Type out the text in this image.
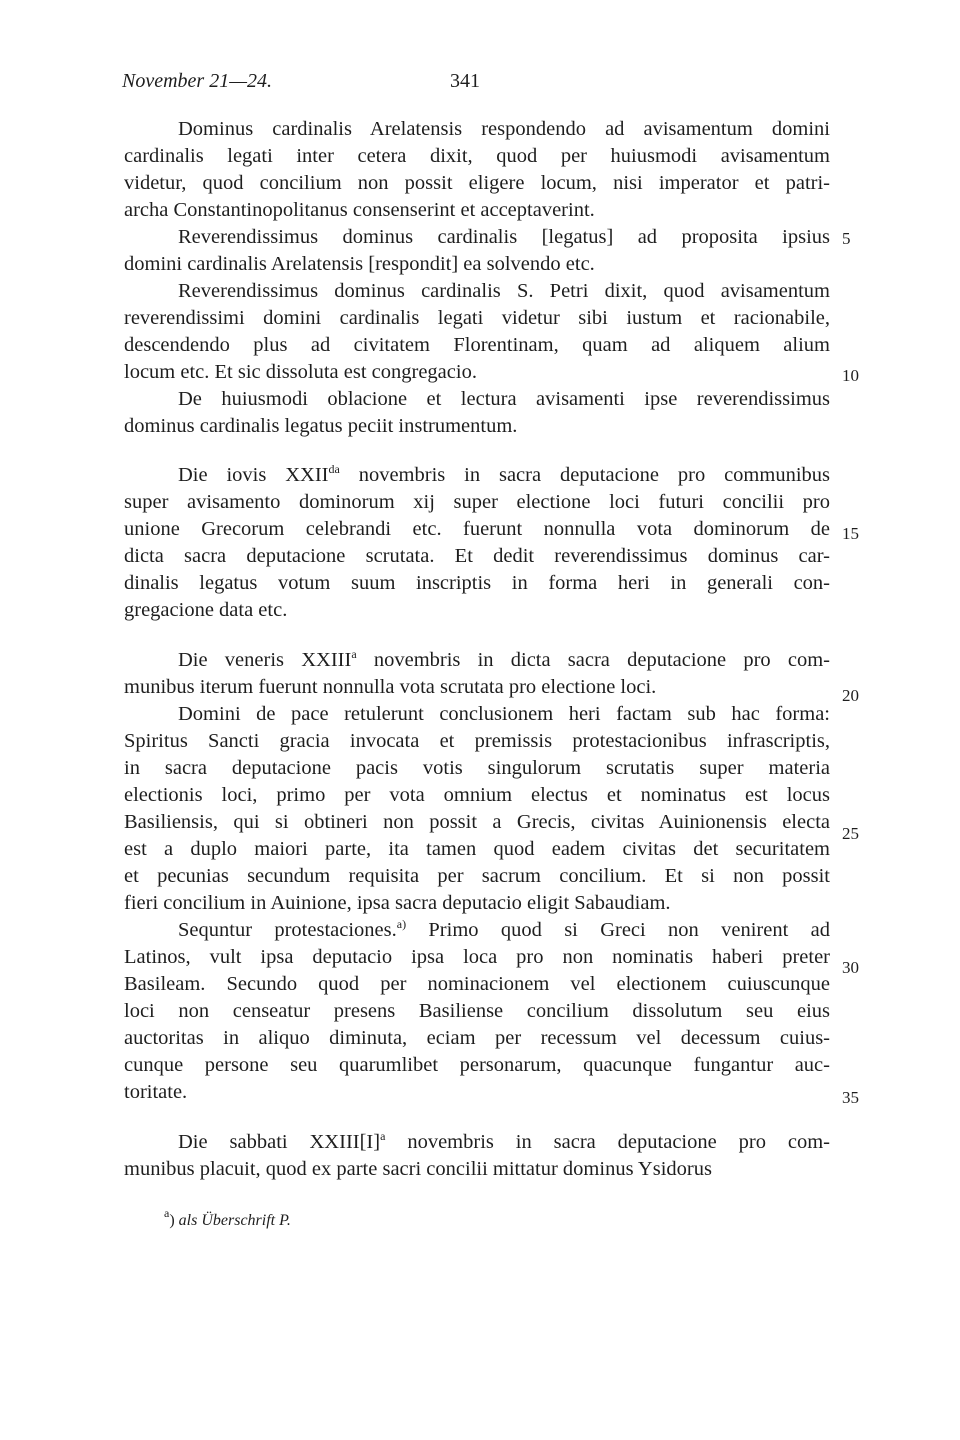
November 21—24.	341
Dominus cardinalis Arelatensis respondendo ad avisamentum domini
cardinalis legati inter cetera dixit, quod per huiusmodi avisamentum
videtur, quod concilium non possit eligere locum, nisi imperator et patri-
archa Constantinopolitanus consenserint et acceptaverint.
Reverendissimus dominus cardinalis [legatus] ad proposita ipsius
domini cardinalis Arelatensis [respondit] ea solvendo etc.
Reverendissimus dominus cardinalis S. Petri dixit, quod avisamentum
reverendissimi domini cardinalis legati videtur sibi iustum et racionabile,
descendendo plus ad civitatem Florentinam, quam ad aliquem alium
locum etc. Et sic dissoluta est congregacio.
De huiusmodi oblacione et lectura avisamenti ipse reverendissimus
dominus cardinalis legatus peciit instrumentum.
Die iovis $XXII^{da}$ novembris in sacra deputacione pro communibus
super avisamento dominorum xij super electione loci futuri concilii pro
unione Grecorum celebrandi etc. fuerunt nonnulla vota dominorum de
dicta sacra deputacione scrutata. Et dedit reverendissimus dominus car-
dinalis legatus votum suum inscriptis in forma heri in generali con-
gregacione data etc.
Die veneris XXIII$^a$ novembris in dicta sacra deputacione pro com-
munibus iterum fuerunt nonnulla vota scrutata pro electione loci.
Domini de pace retulerunt conclusionem heri factam sub hac forma:
Spiritus Sancti gracia invocata et premissis protestacionibus infrascriptis,
in sacra deputacione pacis votis singulorum scrutatis super materia
electionis loci, primo per vota omnium electus et nominatus est locus
Basiliensis, qui si obtineri non possit a Grecis, civitas Auinionensis electa
est a duplo maiori parte, ita tamen quod eadem civitas det securitatem
et pecunias secundum requisita per sacrum concilium. Et si non possit
fieri concilium in Auinione, ipsa sacra deputacio eligit Sabaudiam.
Sequntur protestaciones.$^{a)}$ Primo quod si Greci non venirent ad
Latinos, vult ipsa deputacio ipsa loca pro non nominatis haberi preter
Basileam. Secundo quod per nominacionem vel electionem cuiuscunque
loci non censeatur presens Basiliense concilium dissolutum seu eius
auctoritas in aliquo diminuta, eciam per recessum vel decessum cuius-
cunque persone seu quarumlibet personarum, quacunque fungantur auc-
toritate.
Die sabbati $XXIII[I]^a$ novembris in sacra deputacione pro com-
munibus placuit, quod ex parte sacri concilii mittatur dominus Ysidorus
5
10
15
20
25
30
35
$^a$) als Überschrift P.
